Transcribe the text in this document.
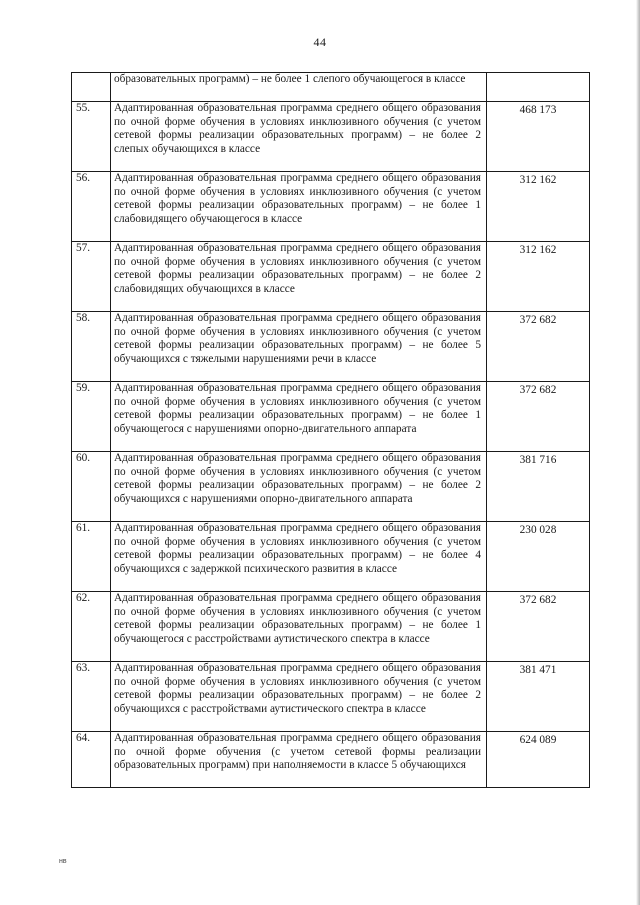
44
	образовательных программ) – не более 1 слепого обучающегося в классе	
55.	Адаптированная образовательная программа среднего общего образования по очной форме обучения в условиях инклюзивного обучения (с учетом сетевой формы реализации образовательных программ) – не более 2 слепых обучающихся в классе	468 173
56.	Адаптированная образовательная программа среднего общего образования по очной форме обучения в условиях инклюзивного обучения (с учетом сетевой формы реализации образовательных программ) – не более 1 слабовидящего обучающегося в классе	312 162
57.	Адаптированная образовательная программа среднего общего образования по очной форме обучения в условиях инклюзивного обучения (с учетом сетевой формы реализации образовательных программ) – не более 2 слабовидящих обучающихся в классе	312 162
58.	Адаптированная образовательная программа среднего общего образования по очной форме обучения в условиях инклюзивного обучения (с учетом сетевой формы реализации образовательных программ) – не более 5 обучающихся с тяжелыми нарушениями речи в классе	372 682
59.	Адаптированная образовательная программа среднего общего образования по очной форме обучения в условиях инклюзивного обучения (с учетом сетевой формы реализации образовательных программ) – не более 1 обучающегося с нарушениями опорно-двигательного аппарата	372 682
60.	Адаптированная образовательная программа среднего общего образования по очной форме обучения в условиях инклюзивного обучения (с учетом сетевой формы реализации образовательных программ) – не более 2 обучающихся с нарушениями опорно-двигательного аппарата	381 716
61.	Адаптированная образовательная программа среднего общего образования по очной форме обучения в условиях инклюзивного обучения (с учетом сетевой формы реализации образовательных программ) – не более 4 обучающихся с задержкой психического развития в классе	230 028
62.	Адаптированная образовательная программа среднего общего образования по очной форме обучения в условиях инклюзивного обучения (с учетом сетевой формы реализации образовательных программ) – не более 1 обучающегося с расстройствами аутистического спектра в классе	372 682
63.	Адаптированная образовательная программа среднего общего образования по очной форме обучения в условиях инклюзивного обучения (с учетом сетевой формы реализации образовательных программ) – не более 2 обучающихся с расстройствами аутистического спектра в классе	381 471
64.	Адаптированная образовательная программа среднего общего образования по очной форме обучения (с учетом сетевой формы реализации образовательных программ) при наполняемости в классе 5 обучающихся	624 089
нв
